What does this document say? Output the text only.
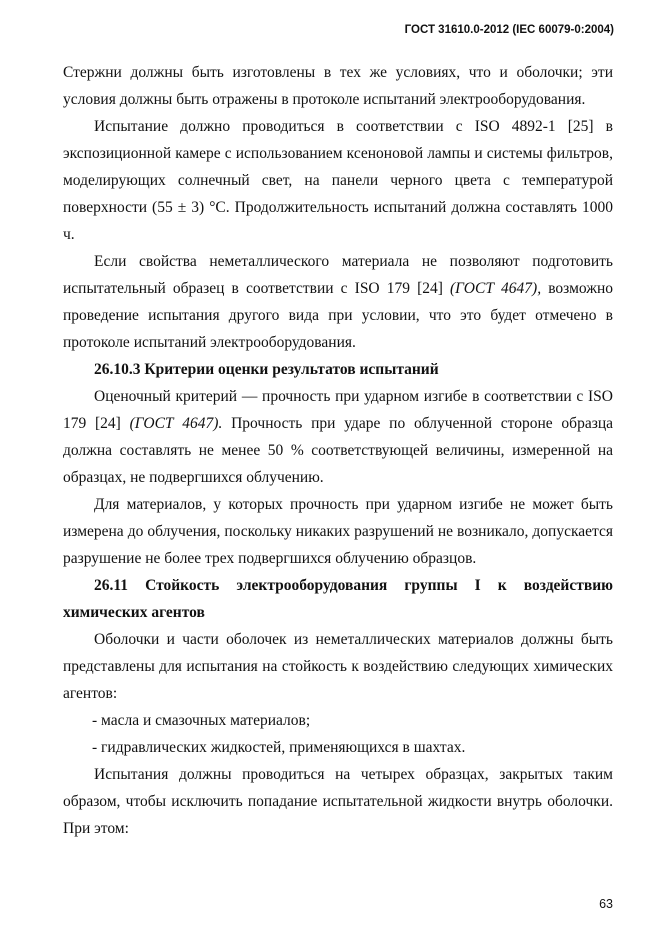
ГОСТ 31610.0-2012 (IEC 60079-0:2004)

Стержни должны быть изготовлены в тех же условиях, что и оболочки; эти условия должны быть отражены в протоколе испытаний электрооборудования.

Испытание должно проводиться в соответствии с ISO 4892-1 [25] в экспозиционной камере с использованием ксеноновой лампы и системы фильтров, моделирующих солнечный свет, на панели черного цвета с температурой поверхности (55 ± 3) °С. Продолжительность испытаний должна составлять 1000 ч.

Если свойства неметаллического материала не позволяют подготовить испытательный образец в соответствии с ISO 179 [24] (ГОСТ 4647), возможно проведение испытания другого вида при условии, что это будет отмечено в протоколе испытаний электрооборудования.

26.10.3 Критерии оценки результатов испытаний

Оценочный критерий — прочность при ударном изгибе в соответствии с ISO 179 [24] (ГОСТ 4647). Прочность при ударе по облученной стороне образца должна составлять не менее 50 % соответствующей величины, измеренной на образцах, не подвергшихся облучению.

Для материалов, у которых прочность при ударном изгибе не может быть измерена до облучения, поскольку никаких разрушений не возникало, допускается разрушение не более трех подвергшихся облучению образцов.

26.11 Стойкость электрооборудования группы I к воздействию химических агентов

Оболочки и части оболочек из неметаллических материалов должны быть представлены для испытания на стойкость к воздействию следующих химических агентов:

- масла и смазочных материалов;

- гидравлических жидкостей, применяющихся в шахтах.

Испытания должны проводиться на четырех образцах, закрытых таким образом, чтобы исключить попадание испытательной жидкости внутрь оболочки. При этом:

63
